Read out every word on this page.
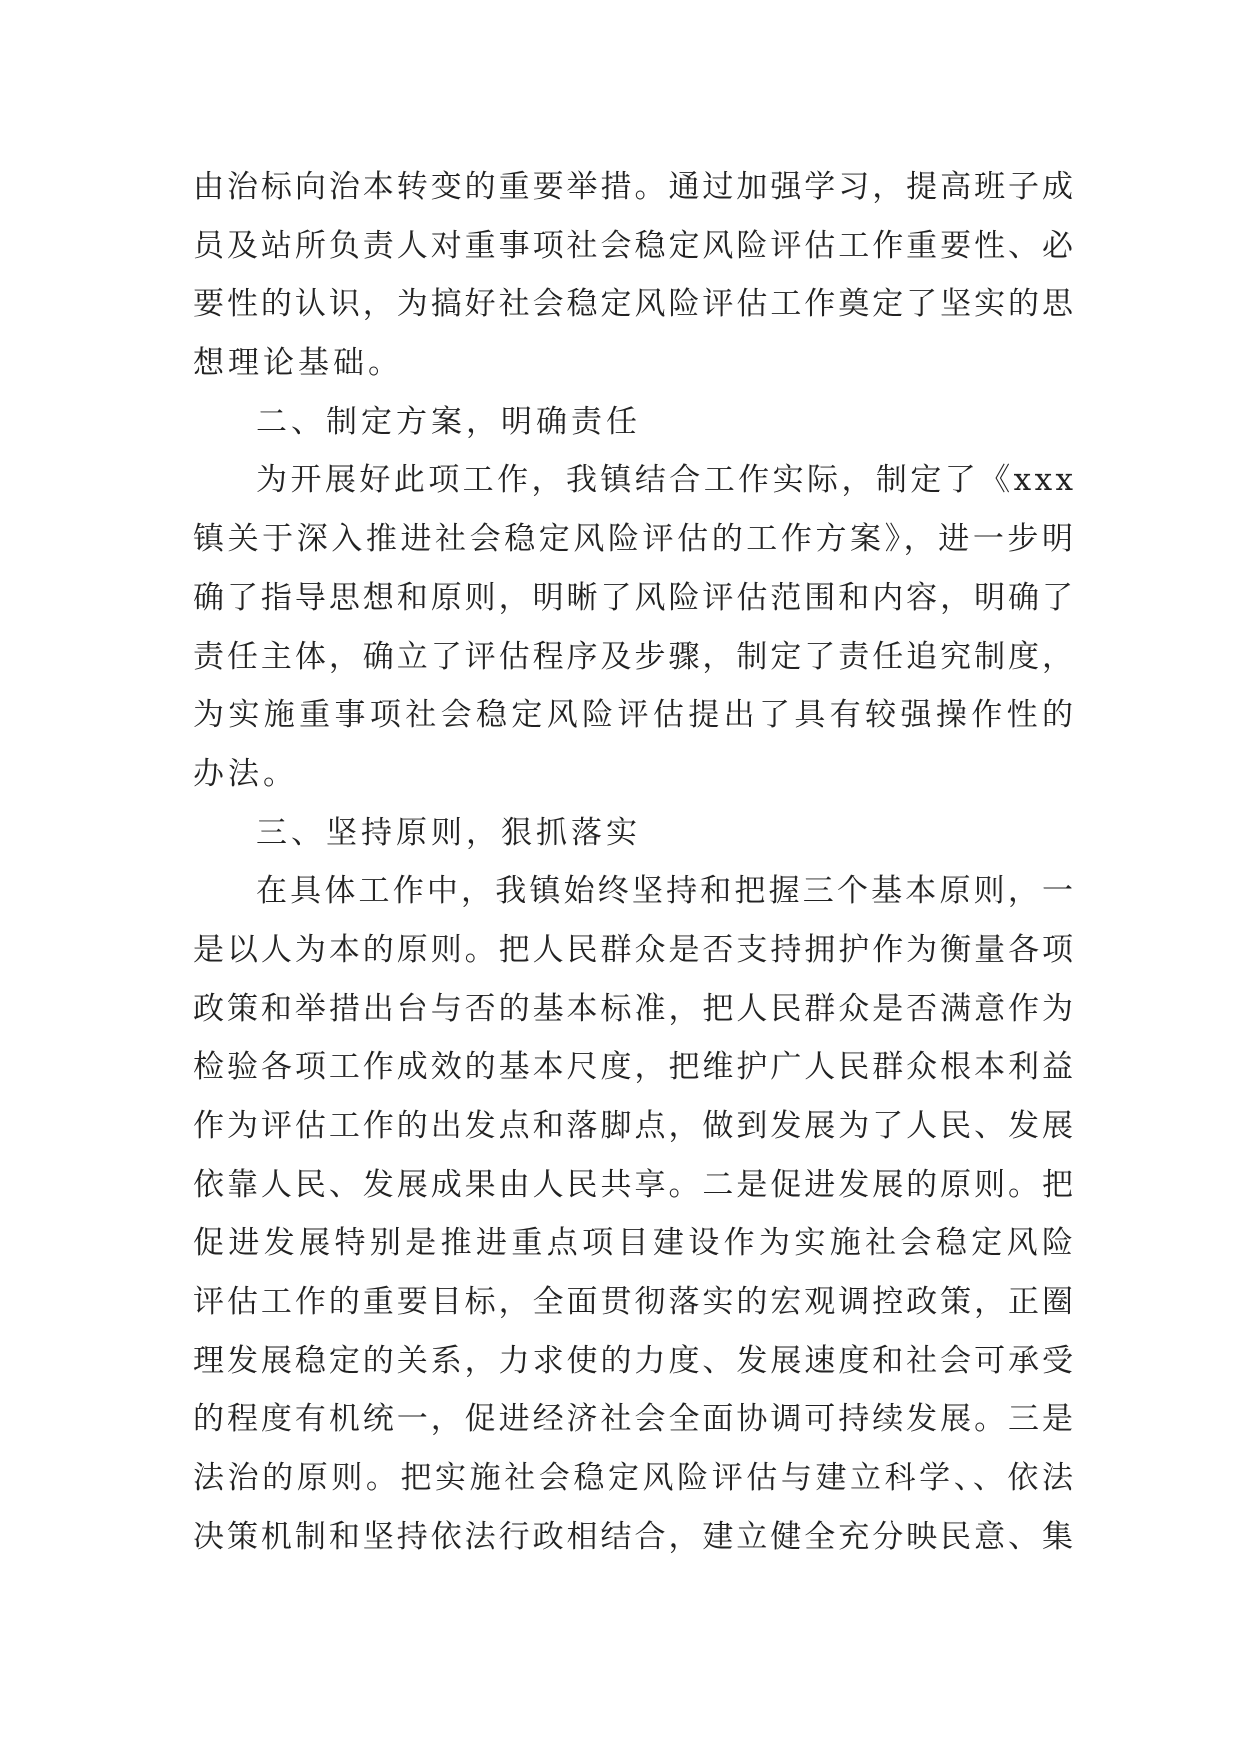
由治标向治本转变的重要举措。通过加强学习，提高班子成
员及站所负责人对重事项社会稳定风险评估工作重要性、必
要性的认识，为搞好社会稳定风险评估工作奠定了坚实的思
想理论基础。
二、制定方案，明确责任
为开展好此项工作，我镇结合工作实际，制定了《xxx
镇关于深入推进社会稳定风险评估的工作方案》，进一步明
确了指导思想和原则，明晰了风险评估范围和内容，明确了
责任主体，确立了评估程序及步骤，制定了责任追究制度，
为实施重事项社会稳定风险评估提出了具有较强操作性的
办法。
三、坚持原则，狠抓落实
在具体工作中，我镇始终坚持和把握三个基本原则，一
是以人为本的原则。把人民群众是否支持拥护作为衡量各项
政策和举措出台与否的基本标准，把人民群众是否满意作为
检验各项工作成效的基本尺度，把维护广人民群众根本利益
作为评估工作的出发点和落脚点，做到发展为了人民、发展
依靠人民、发展成果由人民共享。二是促进发展的原则。把
促进发展特别是推进重点项目建设作为实施社会稳定风险
评估工作的重要目标，全面贯彻落实的宏观调控政策，正圈
理发展稳定的关系，力求使的力度、发展速度和社会可承受
的程度有机统一，促进经济社会全面协调可持续发展。三是
法治的原则。把实施社会稳定风险评估与建立科学、、依法
决策机制和坚持依法行政相结合，建立健全充分映民意、集
